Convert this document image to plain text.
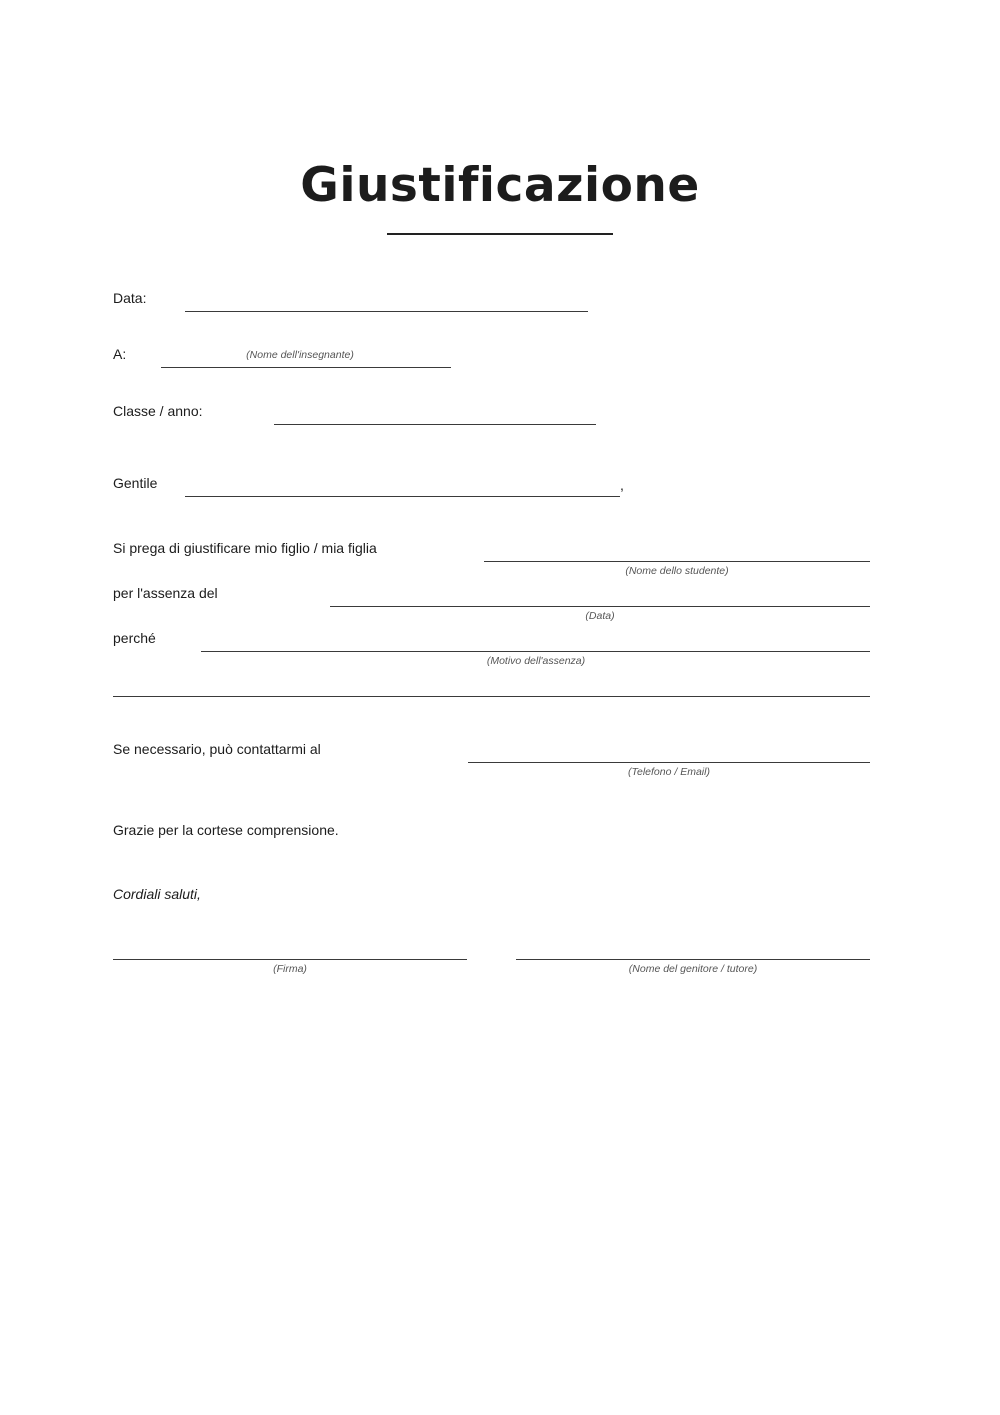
Giustificazione
Data:
A:	(Nome dell'insegnante)
Classe / anno:
Gentile	,
Si prega di giustificare mio figlio / mia figlia
(Nome dello studente)
per l'assenza del
(Data)
perché
(Motivo dell'assenza)
Se necessario, può contattarmi al
(Telefono / Email)
Grazie per la cortese comprensione.
Cordiali saluti,
(Firma)	(Nome del genitore / tutore)
